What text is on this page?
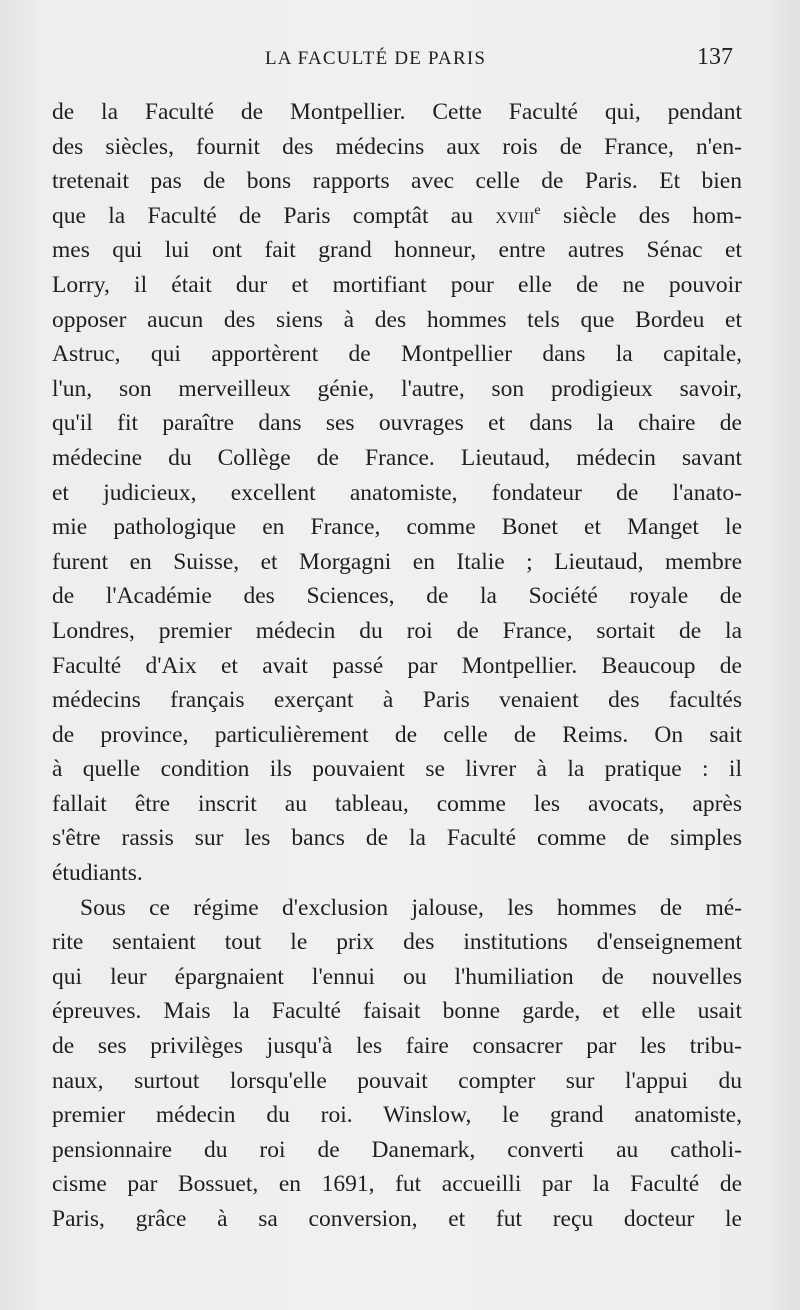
LA FACULTÉ DE PARIS	137
de la Faculté de Montpellier. Cette Faculté qui, pendant
des siècles, fournit des médecins aux rois de France, n'en-
tretenait pas de bons rapports avec celle de Paris. Et bien
que la Faculté de Paris comptât au xviii$^e$ siècle des hom-
mes qui lui ont fait grand honneur, entre autres Sénac et
Lorry, il était dur et mortifiant pour elle de ne pouvoir
opposer aucun des siens à des hommes tels que Bordeu et
Astruc, qui apportèrent de Montpellier dans la capitale,
l'un, son merveilleux génie, l'autre, son prodigieux savoir,
qu'il fit paraître dans ses ouvrages et dans la chaire de
médecine du Collège de France. Lieutaud, médecin savant
et judicieux, excellent anatomiste, fondateur de l'anato-
mie pathologique en France, comme Bonet et Manget le
furent en Suisse, et Morgagni en Italie ; Lieutaud, membre
de l'Académie des Sciences, de la Société royale de
Londres, premier médecin du roi de France, sortait de la
Faculté d'Aix et avait passé par Montpellier. Beaucoup de
médecins français exerçant à Paris venaient des facultés
de province, particulièrement de celle de Reims. On sait
à quelle condition ils pouvaient se livrer à la pratique : il
fallait être inscrit au tableau, comme les avocats, après
s'être rassis sur les bancs de la Faculté comme de simples
étudiants.
Sous ce régime d'exclusion jalouse, les hommes de mé-
rite sentaient tout le prix des institutions d'enseignement
qui leur épargnaient l'ennui ou l'humiliation de nouvelles
épreuves. Mais la Faculté faisait bonne garde, et elle usait
de ses privilèges jusqu'à les faire consacrer par les tribu-
naux, surtout lorsqu'elle pouvait compter sur l'appui du
premier médecin du roi. Winslow, le grand anatomiste,
pensionnaire du roi de Danemark, converti au catholi-
cisme par Bossuet, en 1691, fut accueilli par la Faculté de
Paris, grâce à sa conversion, et fut reçu docteur le
